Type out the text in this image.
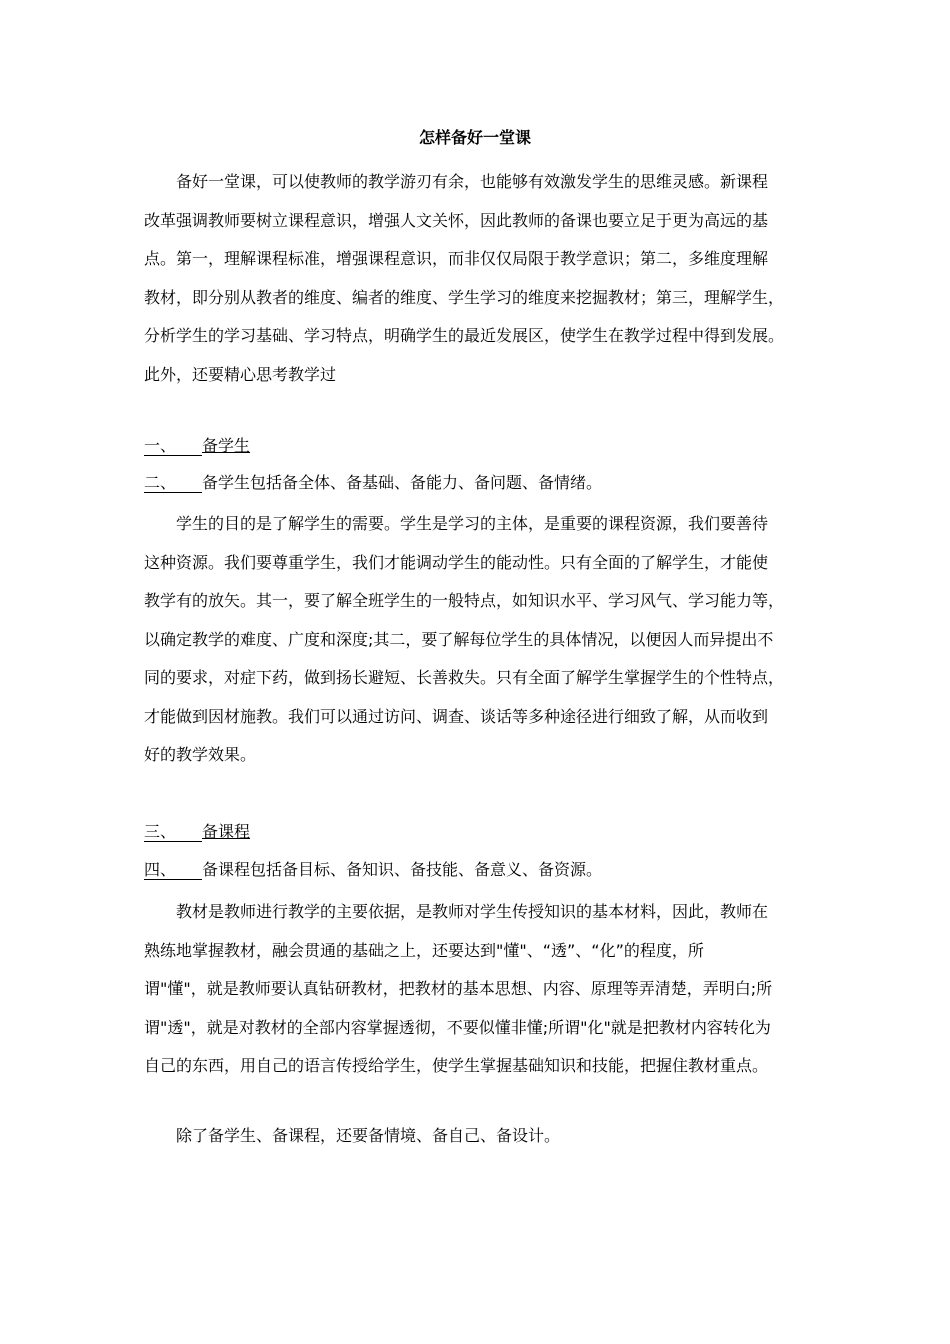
怎样备好一堂课
备好一堂课，可以使教师的教学游刃有余，也能够有效激发学生的思维灵感。新课程
改革强调教师要树立课程意识，增强人文关怀，因此教师的备课也要立足于更为高远的基
点。第一，理解课程标准，增强课程意识，而非仅仅局限于教学意识；第二，多维度理解
教材，即分别从教者的维度、编者的维度、学生学习的维度来挖掘教材；第三，理解学生，
分析学生的学习基础、学习特点，明确学生的最近发展区，使学生在教学过程中得到发展。
此外，还要精心思考教学过
一、 备学生
二、 备学生包括备全体、备基础、备能力、备问题、备情绪。
学生的目的是了解学生的需要。学生是学习的主体，是重要的课程资源，我们要善待
这种资源。我们要尊重学生，我们才能调动学生的能动性。只有全面的了解学生，才能使
教学有的放矢。其一，要了解全班学生的一般特点，如知识水平、学习风气、学习能力等，
以确定教学的难度、广度和深度;其二，要了解每位学生的具体情况，以便因人而异提出不
同的要求，对症下药，做到扬长避短、长善救失。只有全面了解学生掌握学生的个性特点，
才能做到因材施教。我们可以通过访问、调查、谈话等多种途径进行细致了解，从而收到
好的教学效果。
三、 备课程
四、 备课程包括备目标、备知识、备技能、备意义、备资源。
教材是教师进行教学的主要依据，是教师对学生传授知识的基本材料，因此，教师在
熟练地掌握教材，融会贯通的基础之上，还要达到"懂"、“透”、“化”的程度，所
谓"懂"，就是教师要认真钻研教材，把教材的基本思想、内容、原理等弄清楚，弄明白;所
谓"透"，就是对教材的全部内容掌握透彻，不要似懂非懂;所谓"化"就是把教材内容转化为
自己的东西，用自己的语言传授给学生，使学生掌握基础知识和技能，把握住教材重点。
除了备学生、备课程，还要备情境、备自己、备设计。
